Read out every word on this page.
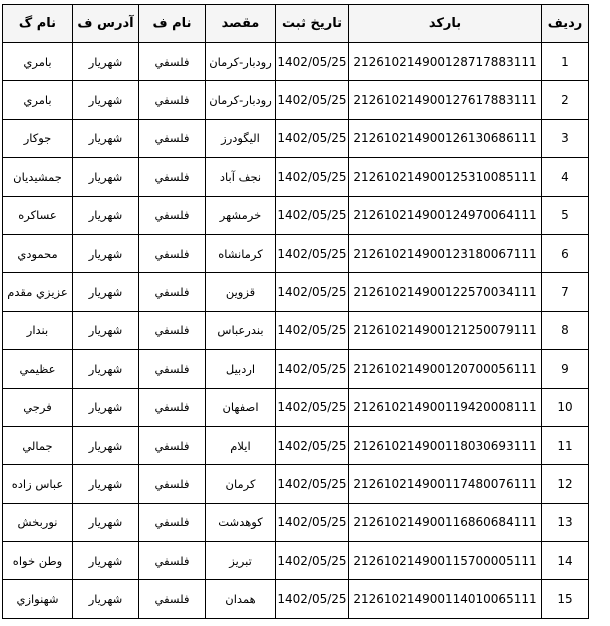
ردیف	بارکد	تاریخ ثبت	مقصد	نام ف	آدرس ف	نام گ
1	212610214900128717883111	1402/05/25	رودبار-کرمان	فلسفي	شهريار	بامري
2	212610214900127617883111	1402/05/25	رودبار-کرمان	فلسفي	شهريار	بامري
3	212610214900126130686111	1402/05/25	اليگودرز	فلسفي	شهريار	جوکار
4	212610214900125310085111	1402/05/25	نجف آباد	فلسفي	شهريار	جمشيديان
5	212610214900124970064111	1402/05/25	خرمشهر	فلسفي	شهريار	عساکره
6	212610214900123180067111	1402/05/25	کرمانشاه	فلسفي	شهريار	محمودي
7	212610214900122570034111	1402/05/25	قزوين	فلسفي	شهريار	عزيزي مقدم
8	212610214900121250079111	1402/05/25	بندرعباس	فلسفي	شهريار	بندار
9	212610214900120700056111	1402/05/25	اردبيل	فلسفي	شهريار	عظيمي
10	212610214900119420008111	1402/05/25	اصفهان	فلسفي	شهريار	فرجي
11	212610214900118030693111	1402/05/25	ايلام	فلسفي	شهريار	جمالي
12	212610214900117480076111	1402/05/25	کرمان	فلسفي	شهريار	عباس زاده
13	212610214900116860684111	1402/05/25	کوهدشت	فلسفي	شهريار	نوربخش
14	212610214900115700005111	1402/05/25	تبريز	فلسفي	شهريار	وطن خواه
15	212610214900114010065111	1402/05/25	همدان	فلسفي	شهريار	شهنوازي
